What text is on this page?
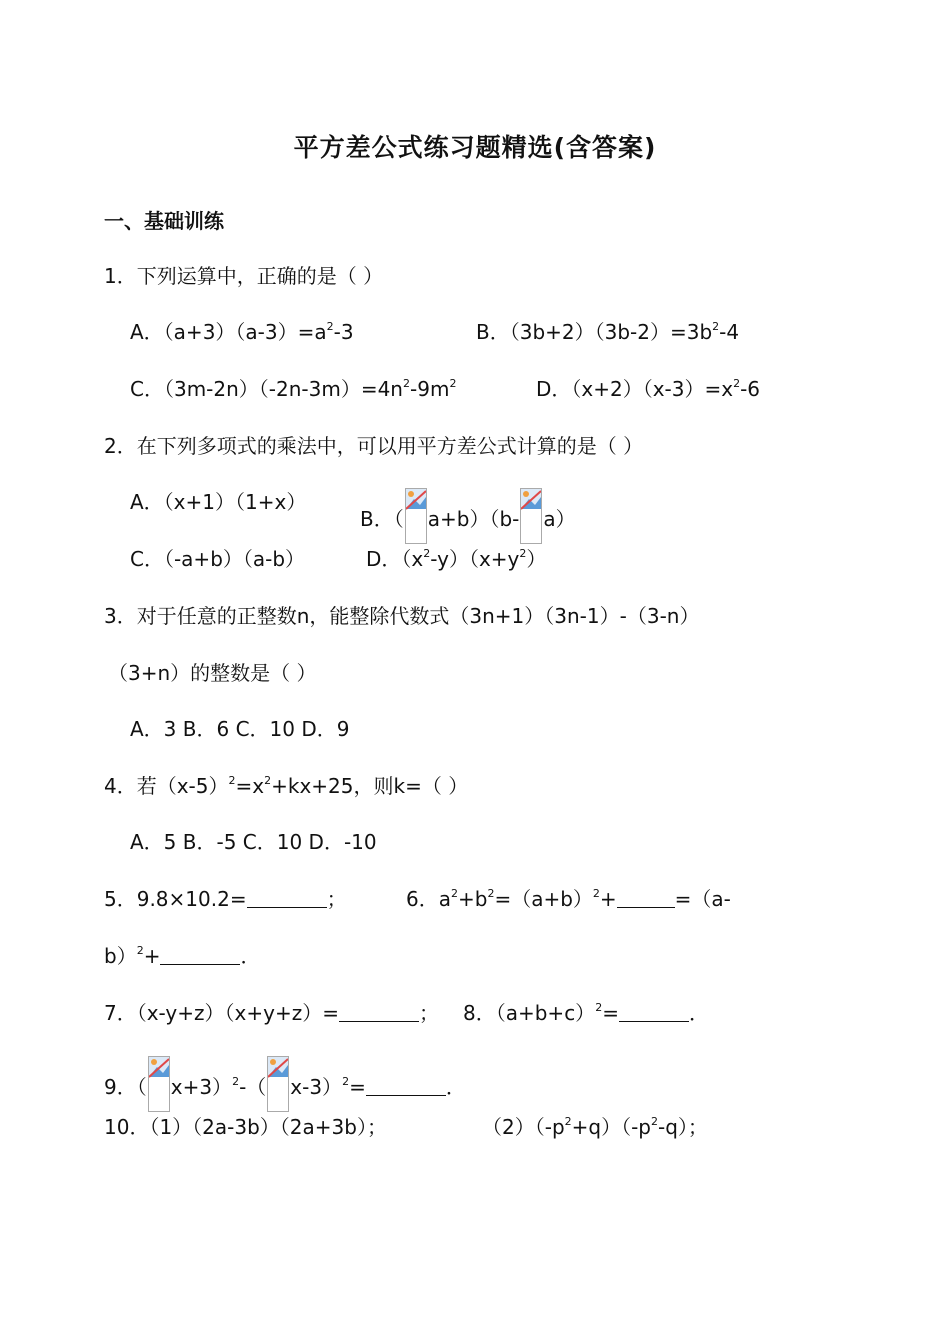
平方差公式练习题精选(含答案)
一、基础训练
1．下列运算中，正确的是（ ）
A．$(a+3)(a-3)=a^2-3$	B．$(3b+2)(3b-2)=3b^2-4$
C．$(3m-2n)(-2n-3m)=4n^2-9m^2$	D．$(x+2)(x-3)=x^2-6$
2．在下列多项式的乘法中，可以用平方差公式计算的是（ ）
A．（x+1）（1+x）
B．（ a+b）（b- a）
C．（-a+b）（a-b）	D．$(x^2-y)(x+y^2)$
3．对于任意的正整数n，能整除代数式（3n+1）（3n-1）-（3-n）
（3+n）的整数是（ ）
A．3 B．6 C．10 D．9
4．若$(x-5)^2=x^2+kx+25$，则k=（ ）
A．5 B．-5 C．10 D．-10
5．9.8×10.2=	；	6．$a^2+b^2=(a+b)^2+$	=（a-
b）$^2$+	．
7．（x-y+z）（x+y+z）=	； 8．$(a+b+c)^2=$	．
9．（ x+3）$^2$-（ x-3）$^2$=	．
10．（1）（2a-3b）（2a+3b）；	$(2)(-p^2+q)(-p^2-q)$；
